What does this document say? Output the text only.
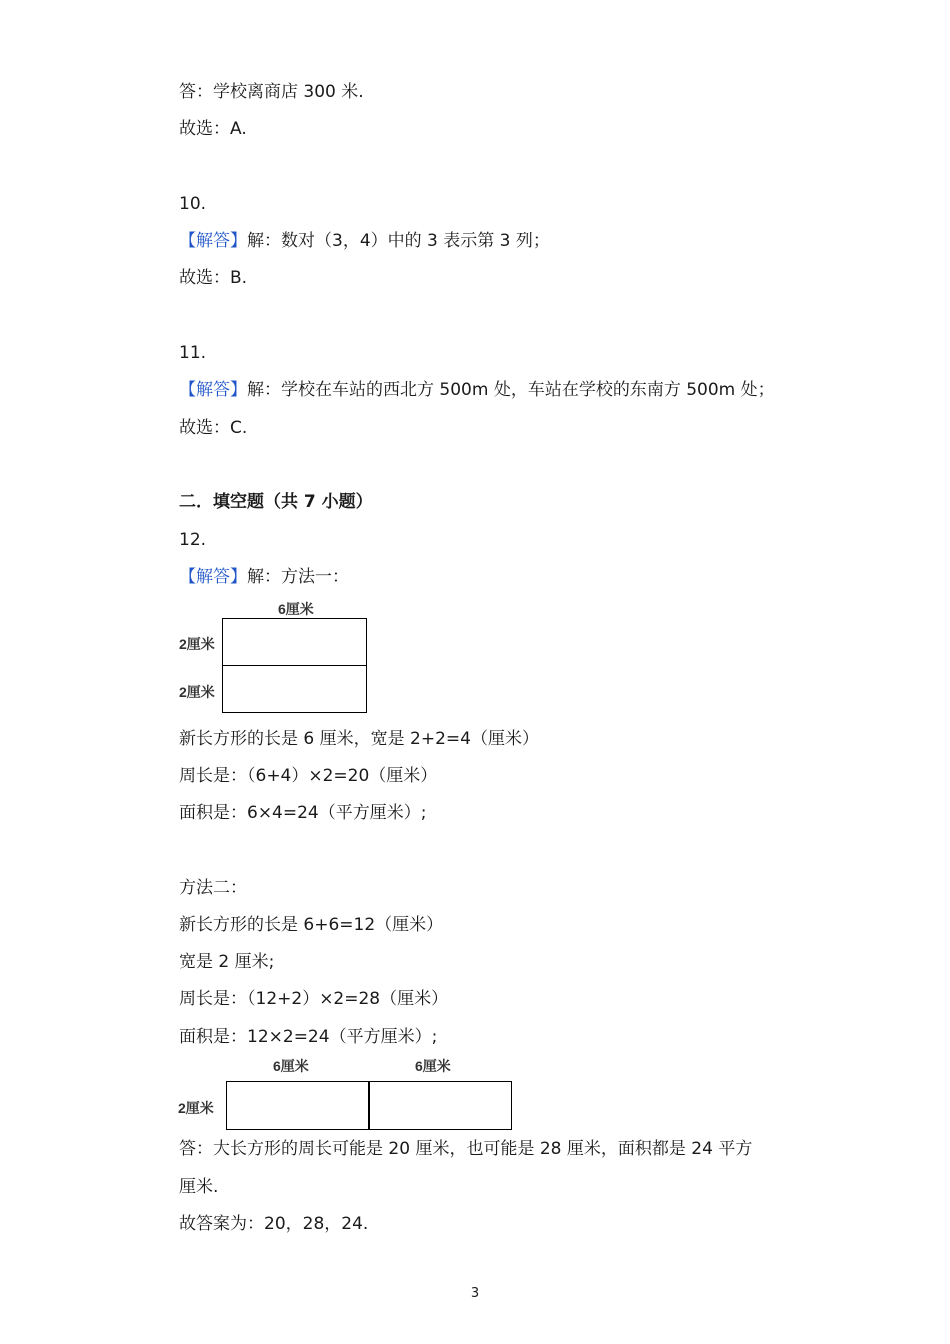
答：学校离商店 300 米.
故选：A.
10.
【解答】解：数对（3，4）中的 3 表示第 3 列；
故选：B.
11.
【解答】解：学校在车站的西北方 500m 处，车站在学校的东南方 500m 处；
故选：C.
二．填空题（共 7 小题）
12.
【解答】解：方法一：
6厘米
2厘米
2厘米
新长方形的长是 6 厘米，宽是 2+2=4（厘米）
周长是：（6+4）×2=20（厘米）
面积是：6×4=24（平方厘米）;
方法二：
新长方形的长是 6+6=12（厘米）
宽是 2 厘米;
周长是：（12+2）×2=28（厘米）
面积是：12×2=24（平方厘米）;
6厘米	6厘米
2厘米
答：大长方形的周长可能是 20 厘米，也可能是 28 厘米，面积都是 24 平方
厘米.
故答案为：20，28，24.
3
